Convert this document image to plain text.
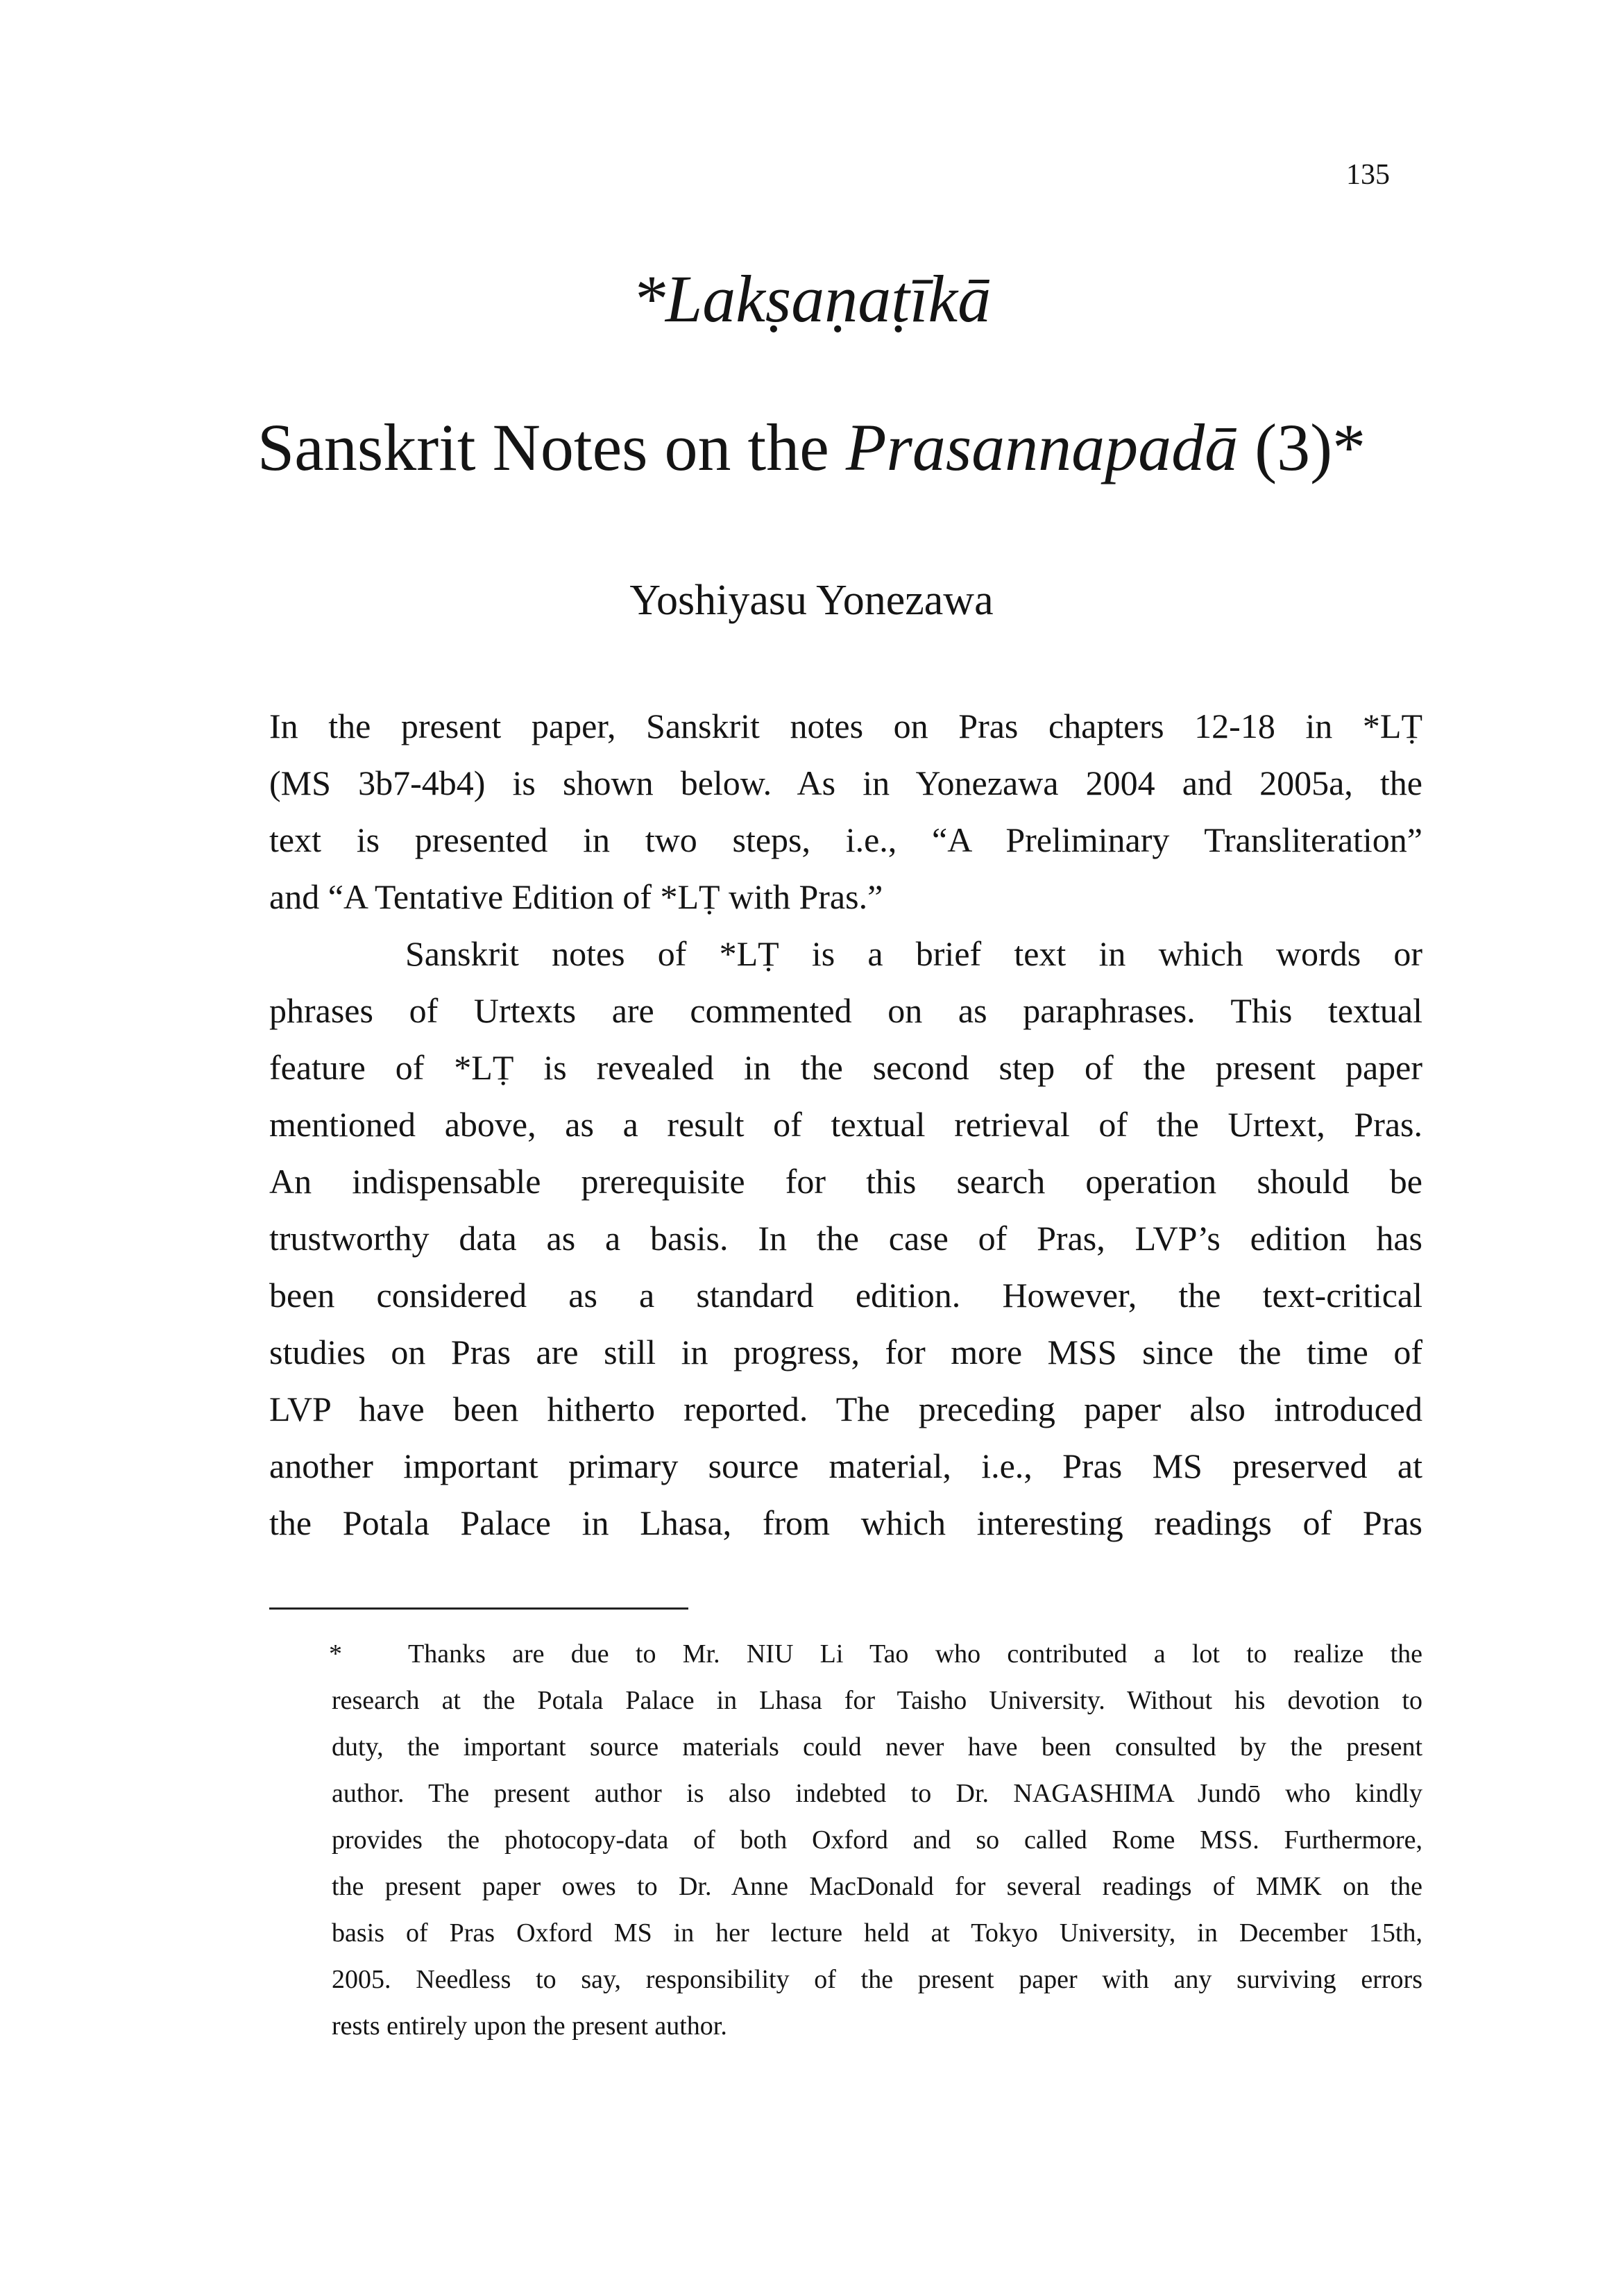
135
*Lakṣaṇaṭīkā
Sanskrit Notes on the Prasannapadā (3)*
Yoshiyasu Yonezawa
In the present paper, Sanskrit notes on Pras chapters 12-18 in *LṬ
(MS 3b7-4b4) is shown below. As in Yonezawa 2004 and 2005a, the
text is presented in two steps, i.e., “A Preliminary Transliteration”
and “A Tentative Edition of *LṬ with Pras.”
Sanskrit notes of *LṬ is a brief text in which words or
phrases of Urtexts are commented on as paraphrases. This textual
feature of *LṬ is revealed in the second step of the present paper
mentioned above, as a result of textual retrieval of the Urtext, Pras.
An indispensable prerequisite for this search operation should be
trustworthy data as a basis. In the case of Pras, LVP’s edition has
been considered as a standard edition. However, the text-critical
studies on Pras are still in progress, for more MSS since the time of
LVP have been hitherto reported. The preceding paper also introduced
another important primary source material, i.e., Pras MS preserved at
the Potala Palace in Lhasa, from which interesting readings of Pras
*	Thanks are due to Mr. NIU Li Tao who contributed a lot to realize the
research at the Potala Palace in Lhasa for Taisho University. Without his devotion to
duty, the important source materials could never have been consulted by the present
author. The present author is also indebted to Dr. NAGASHIMA Jundō who kindly
provides the photocopy-data of both Oxford and so called Rome MSS. Furthermore,
the present paper owes to Dr. Anne MacDonald for several readings of MMK on the
basis of Pras Oxford MS in her lecture held at Tokyo University, in December 15th,
2005. Needless to say, responsibility of the present paper with any surviving errors
rests entirely upon the present author.
